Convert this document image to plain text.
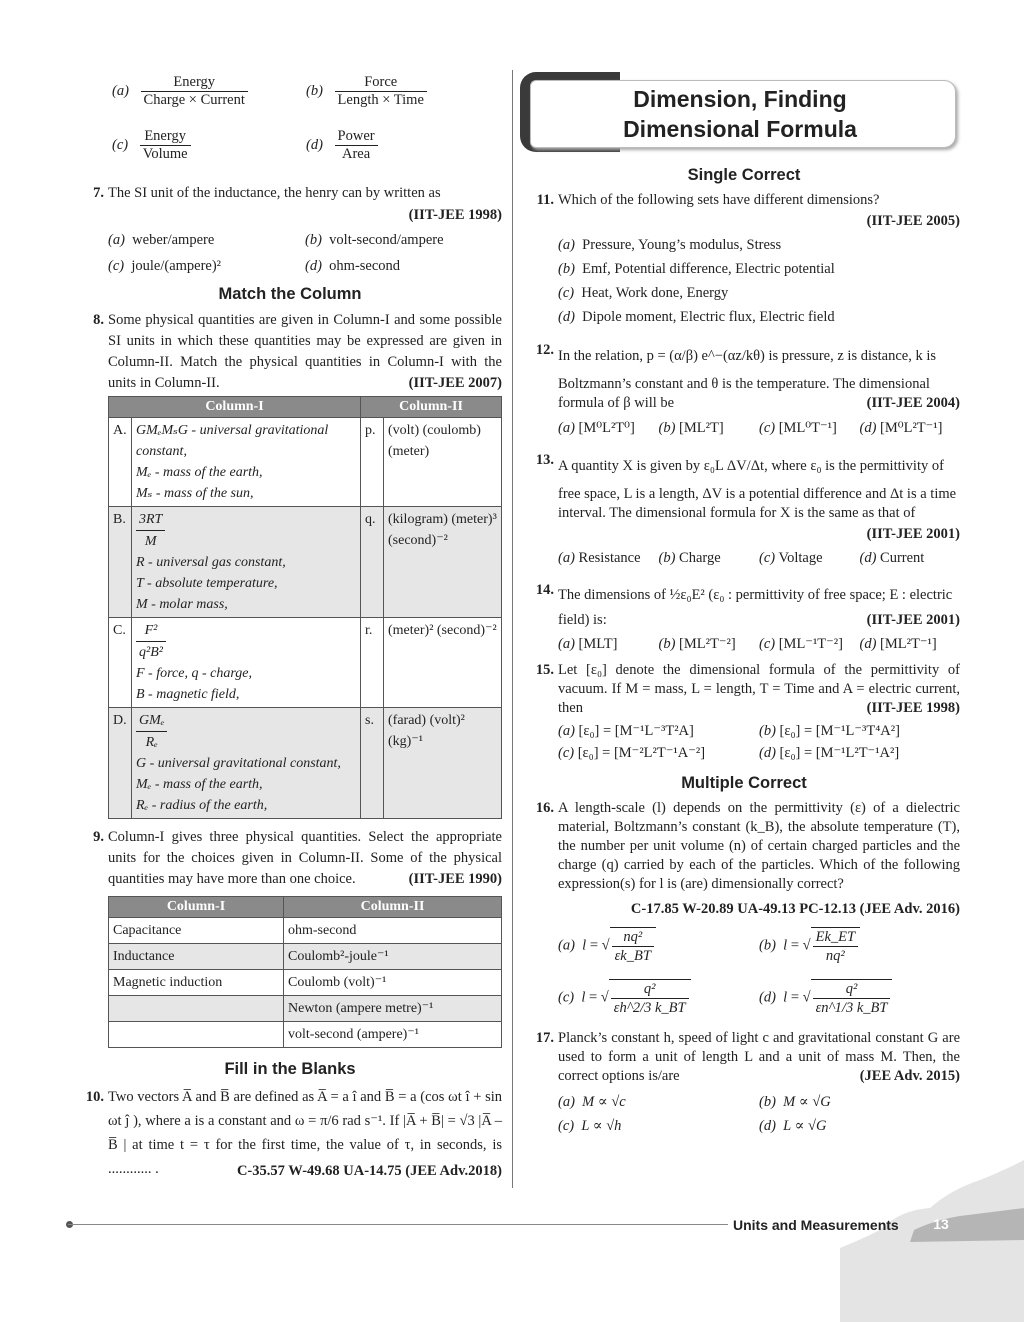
(a)
Energy
Charge × Current
(b)
Force
Length × Time
(c)
Energy
Volume
(d)
Power
Area
7. The SI unit of the inductance, the henry can by written as
(IIT-JEE 1998)
(a) weber/ampere	(b) volt-second/ampere
(c) joule/(ampere)²	(d) ohm-second
Match the Column
8. Some physical quantities are given in Column-I and some possible SI units in which these quantities may be expressed are given in Column-II. Match the physical quantities in Column-I with the units in Column-II.	(IIT-JEE 2007)
Column-I		Column-II	
A.	GMₑMₛG - universal gravitational constant,
Mₑ - mass of the earth,
Mₛ - mass of the sun,	p.	(volt) (coulomb) (meter)
B.	$\frac{3RT}{M}$
R - universal gas constant,
T - absolute temperature,
M - molar mass,	q.	(kilogram) (meter)³ (second)⁻²
C.	$\frac{\text{F²}}{\text{q²B²}}$
F - force, q - charge,
B - magnetic field,	r.	(meter)² (second)⁻²
D.	GMₑ
Rₑ
G - universal gravitational constant,
Mₑ - mass of the earth,
Rₑ - radius of the earth,	s.	(farad) (volt)² (kg)⁻¹
9. Column-I gives three physical quantities. Select the appropriate units for the choices given in Column-II. Some of the physical quantities may have more than one choice.	(IIT-JEE 1990)
Column-I	Column-II
Capacitance	ohm-second
Inductance	Coulomb²-joule⁻¹
Magnetic induction	Coulomb (volt)⁻¹
	Newton (ampere metre)⁻¹
	volt-second (ampere)⁻¹
Fill in the Blanks
10. Two vectors A̅ and B̅ are defined as A̅ = a î and B̅ = a (cos ωt î + sin ωt ĵ ), where a is a constant and ω = π/6 rad s⁻¹. If |A̅ + B̅| = √3 |A̅ – B̅ | at time t = τ for the first time, the value of τ, in seconds, is ............ .	C-35.57 W-49.68 UA-14.75 (JEE Adv.2018)
Dimension, Finding
Dimensional Formula
Single Correct
11. Which of the following sets have different dimensions?
(IIT-JEE 2005)
(a) Pressure, Young’s modulus, Stress
(b) Emf, Potential difference, Electric potential
(c) Heat, Work done, Energy
(d) Dipole moment, Electric flux, Electric field
12. In the relation, p = (α/β) e^−(αz/kθ) is pressure, z is distance, k is
Boltzmann’s constant and θ is the temperature. The dimensional formula of β will be	(IIT-JEE 2004)
(a) [M⁰L²T⁰]	(b) [ML²T]	(c) [ML⁰T⁻¹]	(d) [M⁰L²T⁻¹]
13. A quantity X is given by ε₀L ΔV/Δt, where ε₀ is the permittivity of
free space, L is a length, ΔV is a potential difference and Δt is a time interval. The dimensional formula for X is the same as that of
(IIT-JEE 2001)
(a) Resistance	(b) Charge	(c) Voltage	(d) Current
14. The dimensions of ½ε₀E² (ε₀ : permittivity of free space; E : electric
field) is:	(IIT-JEE 2001)
(a) [MLT]	(b) [ML²T⁻²]	(c) [ML⁻¹T⁻²]	(d) [ML²T⁻¹]
15. Let [ε₀] denote the dimensional formula of the permittivity of vacuum. If M = mass, L = length, T = Time and A = electric current, then	(IIT-JEE 1998)
(a) [ε₀] = [M⁻¹L⁻³T²A]	(b) [ε₀] = [M⁻¹L⁻³T⁴A²]
(c) [ε₀] = [M⁻²L²T⁻¹A⁻²]	(d) [ε₀] = [M⁻¹L²T⁻¹A²]
Multiple Correct
16. A length-scale (l) depends on the permittivity (ε) of a dielectric material, Boltzmann’s constant (k_B), the absolute temperature (T), the number per unit volume (n) of certain charged particles and the charge (q) carried by each of the particles. Which of the following expression(s) for l is (are) dimensionally correct?
C-17.85 W-20.89 UA-49.13 PC-12.13 (JEE Adv. 2016)
(a) l = √ $\frac{\text{nq²}}{\varepsilon k\_BT}$	(b) l = √ $\frac{Ek\_ET}{\text{nq²}}$
(c) l = √ $\frac{\text{q²}}{\varepsilon h\^{}2/3 k\_BT}$	(d) l = √ $\frac{\text{q²}}{\varepsilon n\^{}1/3 k\_BT}$
17. Planck’s constant h, speed of light c and gravitational constant G are used to form a unit of length L and a unit of mass M. Then, the correct options is/are	(JEE Adv. 2015)
(a) M ∝ √c	(b) M ∝ √G
(c) L ∝ √h	(d) L ∝ √G
Units and Measurements	13
